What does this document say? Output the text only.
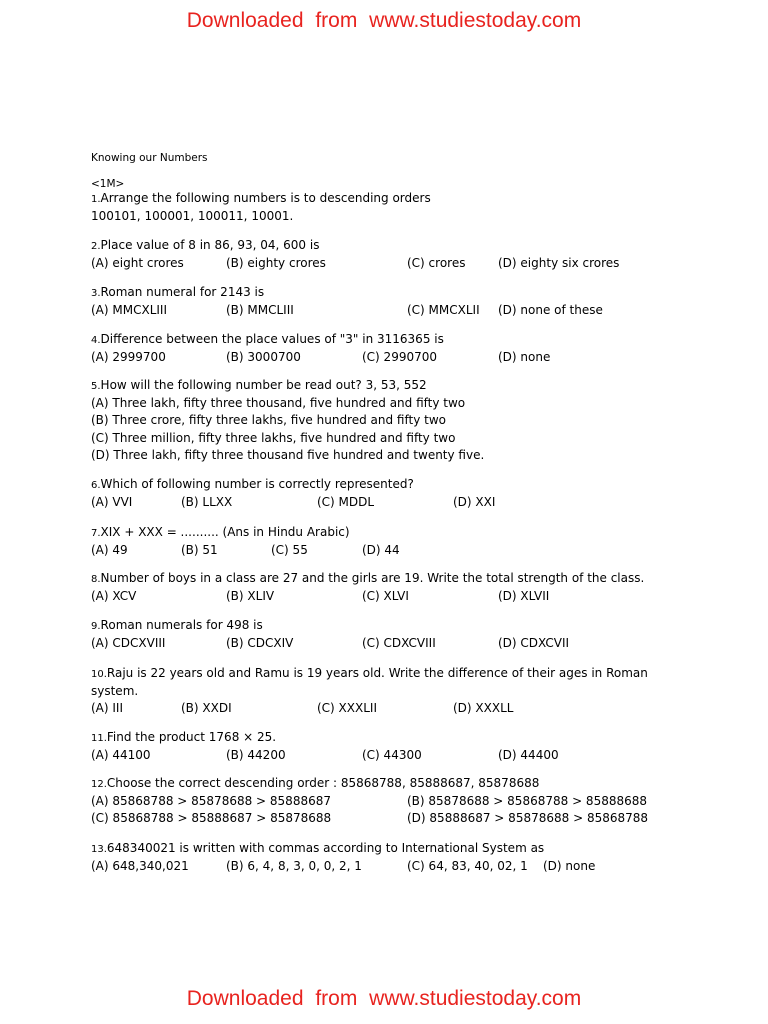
Downloaded from www.studiestoday.com
Knowing our Numbers
<1M>
1.Arrange the following numbers is to descending orders
100101, 100001, 100011, 10001.
2.Place value of 8 in 86, 93, 04, 600 is
(A) eight crores	(B) eighty crores	(C) crores	(D) eighty six crores
3.Roman numeral for 2143 is
(A) MMCXLIII	(B) MMCLIII	(C) MMCXLII (D) none of these
4.Difference between the place values of "3" in 3116365 is
(A) 2999700	(B) 3000700	(C) 2990700	(D) none
5.How will the following number be read out? 3, 53, 552
(A) Three lakh, fifty three thousand, five hundred and fifty two
(B) Three crore, fifty three lakhs, five hundred and fifty two
(C) Three million, fifty three lakhs, five hundred and fifty two
(D) Three lakh, fifty three thousand five hundred and twenty five.
6.Which of following number is correctly represented?
(A) VVI	(B) LLXX	(C) MDDL	(D) XXI
7.XIX + XXX = .......... (Ans in Hindu Arabic)
(A) 49	(B) 51	(C) 55	(D) 44
8.Number of boys in a class are 27 and the girls are 19. Write the total strength of the class.
(A) XCV	(B) XLIV	(C) XLVI	(D) XLVII
9.Roman numerals for 498 is
(A) CDCXVIII	(B) CDCXIV	(C) CDXCVIII	(D) CDXCVII
10.Raju is 22 years old and Ramu is 19 years old. Write the difference of their ages in Roman
system.
(A) III	(B) XXDI	(C) XXXLII	(D) XXXLL
11.Find the product 1768 × 25.
(A) 44100	(B) 44200	(C) 44300	(D) 44400
12.Choose the correct descending order : 85868788, 85888687, 85878688
(A) 85868788 > 85878688 > 85888687	(B) 85878688 > 85868788 > 85888688
(C) 85868788 > 85888687 > 85878688	(D) 85888687 > 85878688 > 85868788
13.648340021 is written with commas according to International System as
(A) 648,340,021	(B) 6, 4, 8, 3, 0, 0, 2, 1	(C) 64, 83, 40, 02, 1 (D) none
Downloaded from www.studiestoday.com
